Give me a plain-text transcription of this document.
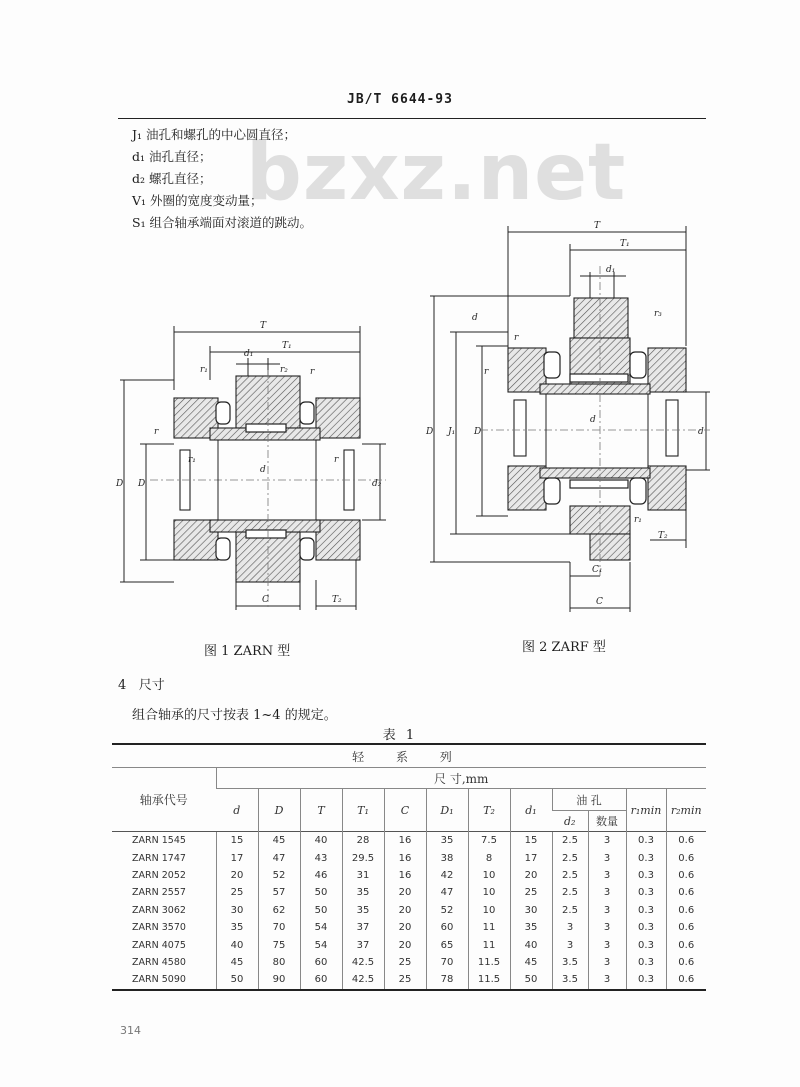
JB/T 6644-93
J₁ 油孔和螺孔的中心圆直径；
d₁ 油孔直径；
d₂ 螺孔直径；
V₁ 外圈的宽度变动量；
S₁ 组合轴承端面对滚道的跳动。
bzxz.net
T
T₁
d₁
r₁	r₂ r
r
r₁	r
D D
d
d₂
C	T₂
图 1 ZARN 型
T
T₁
d₁
d
r
r
D J₁ D
d
d
T₂
C₁
C
r₃
r₁
图 2 ZARF 型
4 尺寸
组合轴承的尺寸按表 1~4 的规定。
表 1
轻 系 列												
轴承代号	尺 寸,mm											
	d	D	T	T₁	C	D₁	T₂	d₁	油 孔		r₁min	r₂min
									d₂	数量		
ZARN 1545	15	45	40	28	16	35	7.5	15	2.5	3	0.3	0.6
ZARN 1747	17	47	43	29.5	16	38	8	17	2.5	3	0.3	0.6
ZARN 2052	20	52	46	31	16	42	10	20	2.5	3	0.3	0.6
ZARN 2557	25	57	50	35	20	47	10	25	2.5	3	0.3	0.6
ZARN 3062	30	62	50	35	20	52	10	30	2.5	3	0.3	0.6
ZARN 3570	35	70	54	37	20	60	11	35	3	3	0.3	0.6
ZARN 4075	40	75	54	37	20	65	11	40	3	3	0.3	0.6
ZARN 4580	45	80	60	42.5	25	70	11.5	45	3.5	3	0.3	0.6
ZARN 5090	50	90	60	42.5	25	78	11.5	50	3.5	3	0.3	0.6
314
